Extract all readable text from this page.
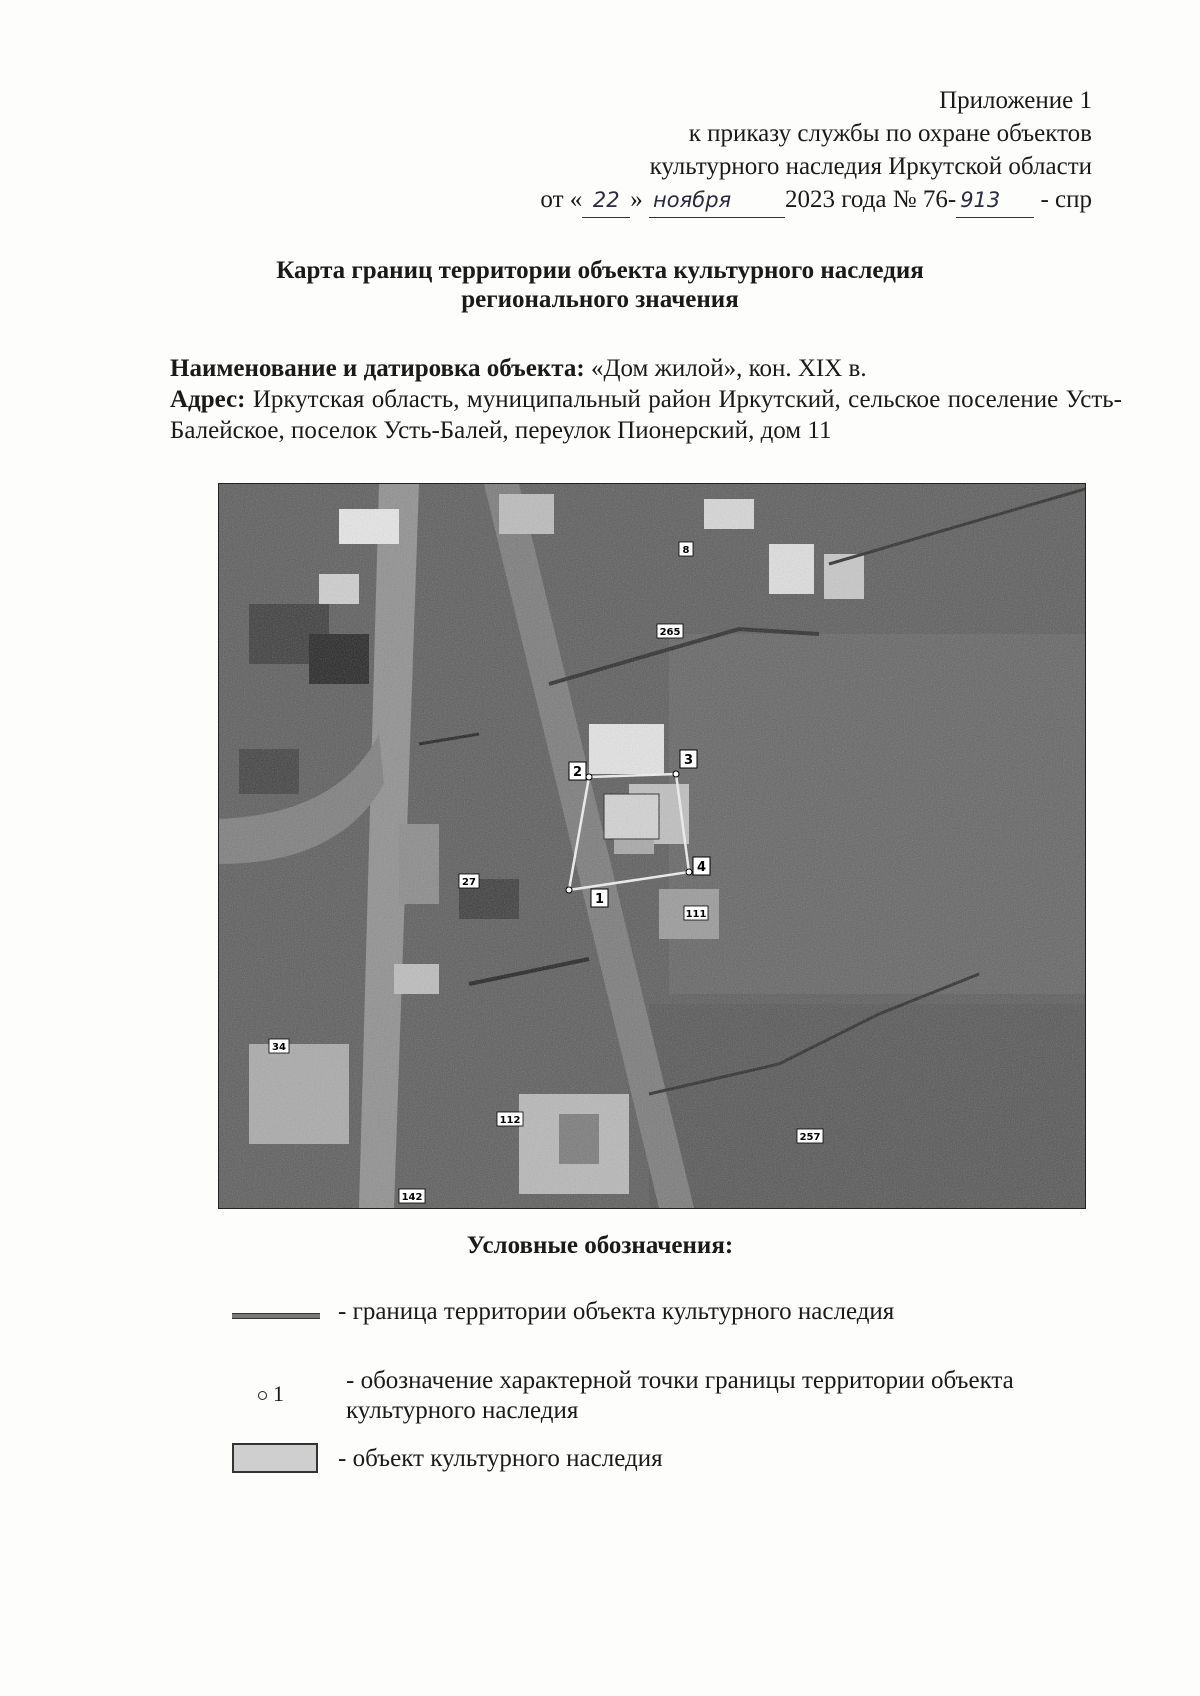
Приложение 1
к приказу службы по охране объектов
культурного наследия Иркутской области
от « 22 » ноября 2023 года № 76- 913 - спр
Карта границ территории объекта культурного наследия
регионального значения
Наименование и датировка объекта: «Дом жилой», кон. XIX в.
Адрес: Иркутская область, муниципальный район Иркутский, сельское поселение Усть-Балейское, поселок Усть-Балей, переулок Пионерский, дом 11
8
265
27
111
34
112
142
257
2
3
4
1
Условные обозначения:
- граница территории объекта культурного наследия
1 - обозначение характерной точки границы территории объекта культурного наследия
- объект культурного наследия
